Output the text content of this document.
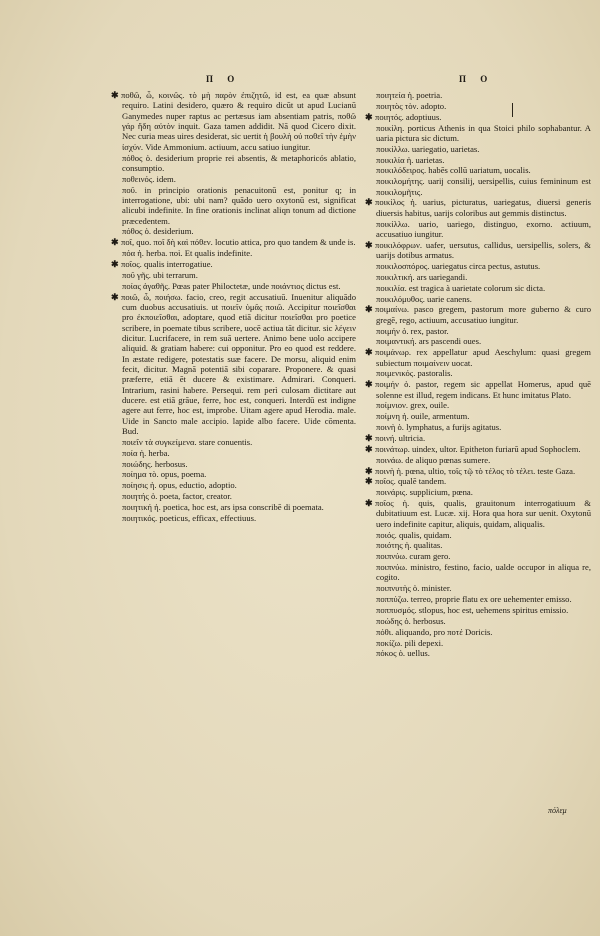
Π Ο	Π Ο

✱ ποθῶ, ὦ, κοινῶς. τὸ μὴ παρὸν ἐπιζητῶ, id est, ea quæ absunt requiro. Latini desidero, quæro & requiro dicūt ut apud Lucianū Ganymedes nuper raptus ac pertæsus iam absentiam patris, ποθῶ γάρ ἤδη αὐτὸν inquit. Gaza tamen addidit. Nā quod Cicero dixit. Nec curia meas uires desiderat, sic uertit ἡ βουλὴ οὐ ποθεῖ τὴν ἐμὴν ἰσχύν. Vide Ammonium. actiuum, accu satiuo iungitur.

πόθος ὁ. desiderium proprie rei absentis, & metaphoricós ablatio, consumptio.

ποθεινός. idem.

ποῦ. in principio orationis penacuitonū est, ponitur q; in interrogatione, ubi: ubi nam? quādo uero oxytonū est, significat alicubi indefinite. In fine orationis inclinat aliqn tonum ad dictione præcedentem.

πόθος ὁ. desiderium.

✱ ποῖ, quo. ποῖ δὴ καὶ πόθεν. locutio attica, pro quo tandem & unde is.

πόα ἡ. herba. ποὶ. Et qualis indefinite.

✱ ποῖος. qualis interrogatiue.

ποῦ γῆς. ubi terrarum.

ποίας ἀγαθῆς. Pœas pater Philoctetæ, unde ποιάντιος dictus est.

✱ ποιῶ, ὦ, ποιήσω. facio, creo, regit accusatiuū. Inuenitur aliquādo cum duobus accusatiuis. ut ποιεῖν ὑμᾶς ποιῶ. Accipitur ποιεῖσθαι pro ἐκποιεῖσθαι, adoptare, quod etiā dicitur ποιεῖσθαι pro poetice scribere, in poemate tibus scribere, uocē actiua tāt dicitur. sic λέγειν dicitur. Lucrifacere, in rem suā uertere. Animo bene uolo accipere aliquid. & gratiam habere: cui opponitur. Pro eo quod est reddere. In æstate redigere, potestatis suæ facere. De morsu, aliquid enim fecit, dicitur. Magnā potentiā sibi coparare. Proponere. & quasi præferre, etiā ēt ducere & existimare. Admirari. Conqueri. Intrarium, rasini habere. Persequi. rem perì culosam dictitare aut ducere. est etiā grāue, ferre, hoc est, conqueri. Interdū est indigne agere aut ferre, hoc est, improbe. Uitam agere apud Herodia. male. Uide in Sancto male accipio. lapide albo facere. Uide cōmenta. Bud.

ποιεῖν τὰ συγκείμενα. stare conuentis.

ποία ἡ. herba.

ποιώδης. herbosus.

ποίημα τὸ. opus, poema.

ποίησις ἡ. opus, eductio, adoptio.

ποιητής ὁ. poeta, factor, creator.

ποιητική ἡ. poetica, hoc est, ars ipsa conscribē di poemata.

ποιητικός. poeticus, efficax, effectiuus.

ποιητεία ἡ. poetria.

ποιητὸς τὸν. adopto.

✱ ποιητός. adoptiuus.

ποικίλη. porticus Athenis in qua Stoici philo sophabantur. A uaria pictura sic dictum.

ποικίλλω. uariegatio, uarietas.

ποικιλία ἡ. uarietas.

ποικιλόδειρος. habēs collū uariatum, uocalis.

ποικιλομήτης. uarij consilij, uersipellis, cuius femininum est ποικιλομῆτις.

✱ ποικίλος ἡ. uarius, picturatus, uariegatus, diuersi generis diuersis habitus, uarijs coloribus aut gemmis distinctus.

ποικίλλω. uario, uariego, distinguo, exorno. actiuum, accusatiuo iungitur.

✱ ποικιλόφρων. uafer, uersutus, callidus, uersipellis, solers, & uarijs dotibus armatus.

ποικιλοσπόρος. uariegatus circa pectus, astutus.

ποικιλτική. ars uariegandi.

ποικιλία. est tragica à uarietate colorum sic dicta.

ποικιλόμυθος. uarie canens.

✱ ποιμαίνω. pasco gregem, pastorum more guberno & curo gregē, rego, actiuum, accusatiuo iungitur.

ποιμήν ὁ. rex, pastor.

ποιμαντική. ars pascendi oues.

✱ ποιμάνωρ. rex appellatur apud Aeschylum: quasi gregem subiectum ποιμαίνειν uocat.

ποιμενικός. pastoralis.

✱ ποιμήν ὁ. pastor, regem sic appellat Homerus, apud quē solenne est illud, regem indicans. Et hunc imitatus Plato.

ποίμνιον. grex, ouile.

ποίμνη ἡ. ouile, armentum.

ποινὴ ὁ. lymphatus, a furijs agitatus.

✱ ποινή. ultricia.

✱ ποινάτωρ. uindex, ultor. Epitheton furiarū apud Sophoclem.

ποινάω. de aliquo pœnas sumere.

✱ ποινὴ ἡ. pœna, ultio, τοῖς τῷ τὸ τέλος τὸ τέλει. teste Gaza.

✱ ποῖος. qualē tandem.

ποινάρις. supplicium, pœna.

✱ ποῖος ἡ. quis, qualis, grauitonum interrogatiuum & dubitatiuum est. Lucæ. xij. Hora qua hora sur uenit. Oxytonū uero indefinite capitur, aliquis, quidam, aliqualis.

ποιός. qualis, quidam.

ποιότης ἡ. qualitas.

ποιπνύω. curam gero.

ποιπνύω. ministro, festino, facio, ualde occupor in aliqua re, cogito.

ποιπνυτὴς ὁ. minister.

ποππύζω. terreo, proprie flatu ex ore uehementer emisso.

ποππυσμός. stlopus, hoc est, uehemens spiritus emissio.

ποώδης ὁ. herbosus.

πόθι. aliquando, pro ποτέ Doricis.

ποκίζω. pili depexi.

πόκος ὁ. uellus.

πόλεμ
